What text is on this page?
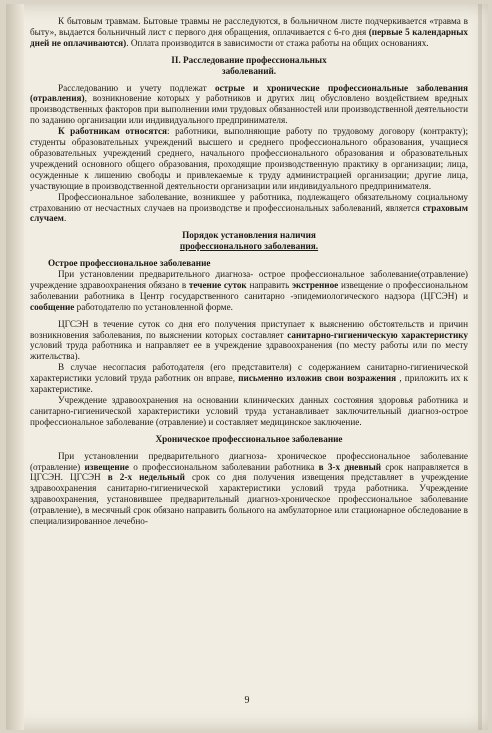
К бытовым травмам. Бытовые травмы не расследуются, в больничном листе подчеркивается «травма в быту», выдается больничный лист с первого дня обращения, оплачивается с 6-го дня (первые 5 календарных дней не оплачиваются). Оплата производится в зависимости от стажа работы на общих основаниях.

II. Расследование профессиональных

заболеваний.

Расследованию и учету подлежат острые и хронические профессиональные заболевания (отравления), возникновение которых у работников и других лиц обусловлено воздействием вредных производственных факторов при выполнении ими трудовых обязанностей или производственной деятельности по заданию организации или индивидуального предпринимателя.

К работникам относятся: работники, выполняющие работу по трудовому договору (контракту); студенты образовательных учреждений высшего и среднего профессионального образования, учащиеся образовательных учреждений среднего, начального профессионального образования и образовательных учреждений основного общего образования, проходящие производственную практику в организации; лица, осужденные к лишению свободы и привлекаемые к труду администрацией организации; другие лица, участвующие в производственной деятельности организации или индивидуального предпринимателя.

Профессиональное заболевание, возникшее у работника, подлежащего обязательному социальному страхованию от несчастных случаев на производстве и профессиональных заболеваний, является страховым случаем.

Порядок установления наличия

профессионального заболевания.

Острое профессиональное заболевание

При установлении предварительного диагноза- острое профессиональное заболевание(отравление) учреждение здравоохранения обязано в течение суток направить экстренное извещение о профессиональном заболевании работника в Центр государственного санитарно -эпидемиологического надзора (ЦГСЭН) и сообщение работодателю по установленной форме.

ЦГСЭН в течение суток со дня его получения приступает к выяснению обстоятельств и причин возникновения заболевания, по выяснении которых составляет санитарно-гигиеническую характеристику условий труда работника и направляет ее в учреждение здравоохранения (по месту работы или по месту жительства).

В случае несогласия работодателя (его представителя) с содержанием санитарно-гигиенической характеристики условий труда работник он вправе, письменно изложив свои возражения , приложить их к характеристике.

Учреждение здравоохранения на основании клинических данных состояния здоровья работника и санитарно-гигиенической характеристики условий труда устанавливает заключительный диагноз-острое профессиональное заболевание (отравление) и составляет медицинское заключение.

Хроническое профессиональное заболевание

При установлении предварительного диагноза- хроническое профессиональное заболевание (отравление) извещение о профессиональном заболевании работника в 3-х дневный срок направляется в ЦГСЭН. ЦГСЭН в 2-х недельный срок со дня получения извещения представляет в учреждение здравоохранения санитарно-гигиенической характеристики условий труда работника. Учреждение здравоохранения, установившее предварительный диагноз-хроническое профессиональное заболевание (отравление), в месячный срок обязано направить больного на амбулаторное или стационарное обследование в специализированное лечебно-

9
